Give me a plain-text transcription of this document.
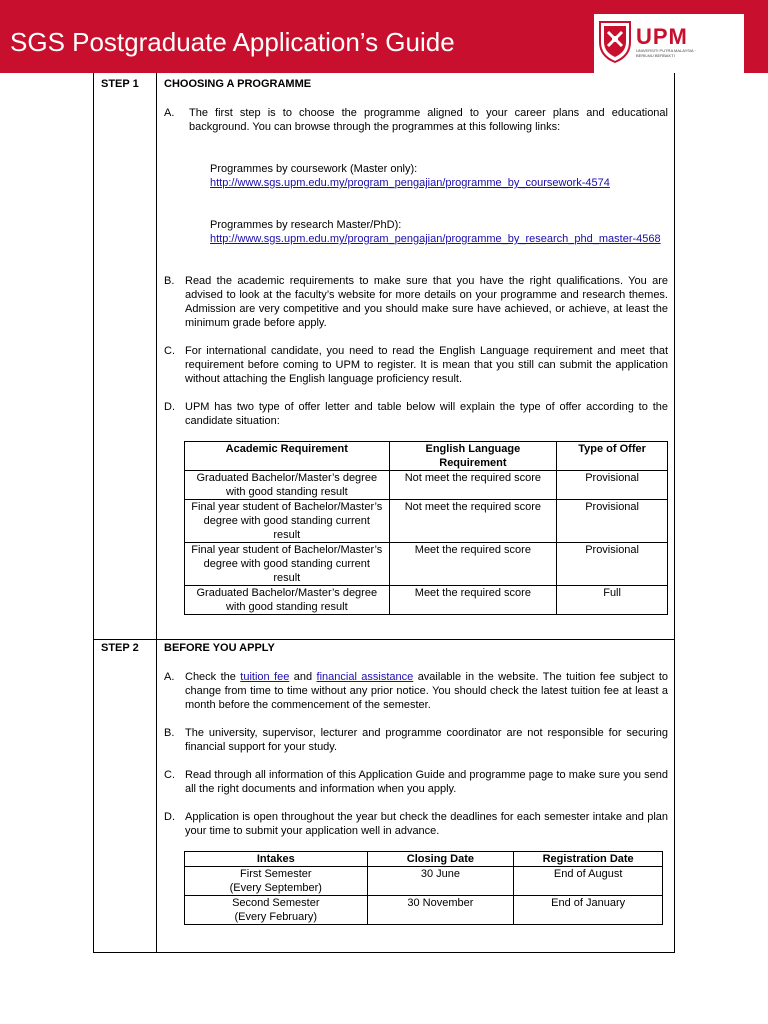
SGS Postgraduate Application’s Guide	UPM
UNIVERSITI PUTRA MALAYSIA · BERILMU BERBAKTI
STEP 1 CHOOSING A PROGRAMME
A. The first step is to choose the programme aligned to your career plans and educational background. You can browse through the programmes at this following links:
Programmes by coursework (Master only):
http://www.sgs.upm.edu.my/program_pengajian/programme_by_coursework-4574
Programmes by research Master/PhD):
http://www.sgs.upm.edu.my/program_pengajian/programme_by_research_phd_master-4568
B. Read the academic requirements to make sure that you have the right qualifications. You are advised to look at the faculty’s website for more details on your programme and research themes. Admission are very competitive and you should make sure have achieved, or achieve, at least the minimum grade before apply.
C. For international candidate, you need to read the English Language requirement and meet that requirement before coming to UPM to register. It is mean that you still can submit the application without attaching the English language proficiency result.
D. UPM has two type of offer letter and table below will explain the type of offer according to the candidate situation:
Academic Requirement	English Language Requirement	Type of Offer
Graduated Bachelor/Master’s degree with good standing result	Not meet the required score	Provisional
Final year student of Bachelor/Master’s degree with good standing current result	Not meet the required score	Provisional
Final year student of Bachelor/Master’s degree with good standing current result	Meet the required score	Provisional
Graduated Bachelor/Master’s degree with good standing result	Meet the required score	Full
STEP 2 BEFORE YOU APPLY
A. Check the tuition fee and financial assistance available in the website. The tuition fee subject to change from time to time without any prior notice. You should check the latest tuition fee at least a month before the commencement of the semester.
B. The university, supervisor, lecturer and programme coordinator are not responsible for securing financial support for your study.
C. Read through all information of this Application Guide and programme page to make sure you send all the right documents and information when you apply.
D. Application is open throughout the year but check the deadlines for each semester intake and plan your time to submit your application well in advance.
Intakes	Closing Date	Registration Date

First Semester
(Every September)	30 June	End of August

Second Semester
(Every February)	30 November	End of January
